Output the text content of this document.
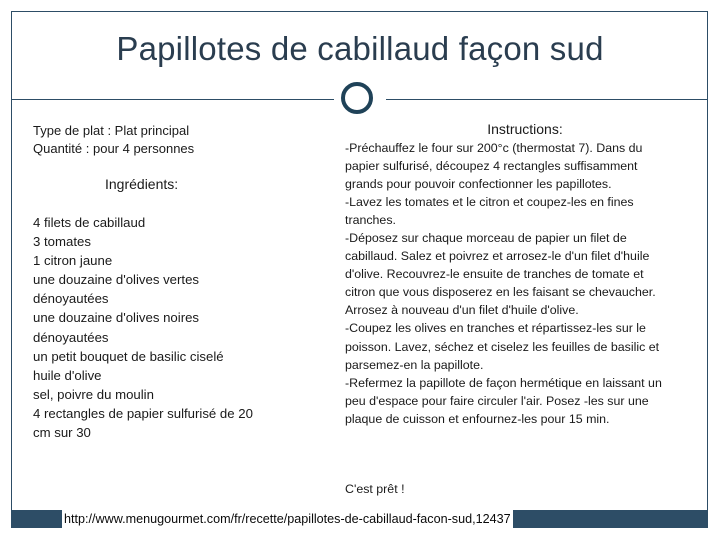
Papillotes de cabillaud façon sud
Type de plat : Plat principal
Quantité : pour 4 personnes
Ingrédients:
4 filets de cabillaud
3 tomates
1 citron jaune
une douzaine d'olives vertes dénoyautées
une douzaine d'olives noires dénoyautées
un petit bouquet de basilic ciselé
huile d'olive
sel, poivre du moulin
4 rectangles de papier sulfurisé de 20 cm sur 30
Instructions:
-Préchauffez le four sur 200°c (thermostat 7). Dans du papier sulfurisé, découpez 4 rectangles suffisamment grands pour pouvoir confectionner les papillotes.
-Lavez les tomates et le citron et coupez-les en fines tranches.
-Déposez sur chaque morceau de papier un filet de cabillaud. Salez et poivrez et arrosez-le d'un filet d'huile d'olive. Recouvrez-le ensuite de tranches de tomate et citron que vous disposerez en les faisant se chevaucher. Arrosez à nouveau d'un filet d'huile d'olive.
-Coupez les olives en tranches et répartissez-les sur le poisson. Lavez, séchez et ciselez les feuilles de basilic et parsemez-en la papillote.
-Refermez la papillote de façon hermétique en laissant un peu d'espace pour faire circuler l'air. Posez -les sur une plaque de cuisson et enfournez-les pour 15 min.
C'est prêt !
http://www.menugourmet.com/fr/recette/papillotes-de-cabillaud-facon-sud,12437
